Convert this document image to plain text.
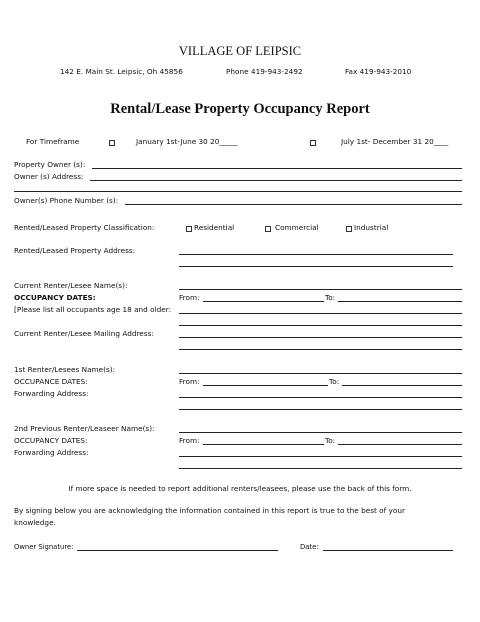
VILLAGE OF LEIPSIC
142 E. Main St. Leipsic, Oh 45856	Phone 419-943-2492	Fax 419-943-2010
Rental/Lease Property Occupancy Report
For Timeframe	January 1st-June 30 20_____	July 1st- December 31 20____
Property Owner (s):
Owner (s) Address:
Owner(s) Phone Number (s):
Rented/Leased Property Classification:	Residential	Commercial	Industrial
Rented/Leased Property Address:
Current Renter/Lesee Name(s):
OCCUPANCY DATES:	From:	To:
[Please list all occupants age 18 and older:
Current Renter/Lesee Mailing Address:
1st Renter/Lesees Name(s):
OCCUPANCE DATES:	From:	To:
Forwarding Address:
2nd Previous Renter/Leaseer Name(s):
OCCUPANCY DATES:	From:	To:
Forwarding Address:
If more space is needed to report additional renters/leasees, please use the back of this form.
By signing below you are acknowledging the information contained in this report is true to the best of your
knowledge.
Owner Signature:	Date:
